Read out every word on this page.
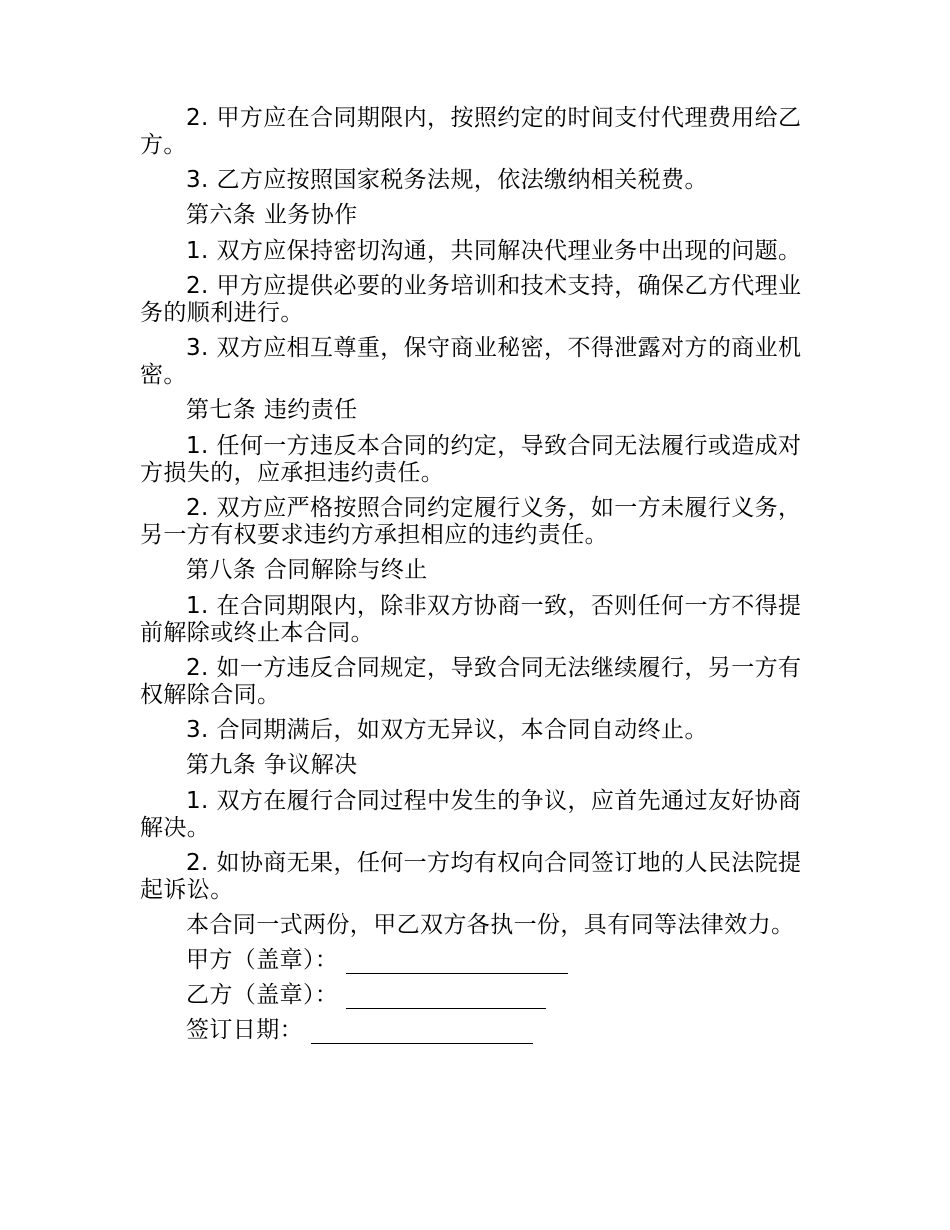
2. 甲方应在合同期限内，按照约定的时间支付代理费用给乙方。

3. 乙方应按照国家税务法规，依法缴纳相关税费。

第六条 业务协作

1. 双方应保持密切沟通，共同解决代理业务中出现的问题。

2. 甲方应提供必要的业务培训和技术支持，确保乙方代理业务的顺利进行。

3. 双方应相互尊重，保守商业秘密，不得泄露对方的商业机密。

第七条 违约责任

1. 任何一方违反本合同的约定，导致合同无法履行或造成对方损失的，应承担违约责任。

2. 双方应严格按照合同约定履行义务，如一方未履行义务，另一方有权要求违约方承担相应的违约责任。

第八条 合同解除与终止

1. 在合同期限内，除非双方协商一致，否则任何一方不得提前解除或终止本合同。

2. 如一方违反合同规定，导致合同无法继续履行，另一方有权解除合同。

3. 合同期满后，如双方无异议，本合同自动终止。

第九条 争议解决

1. 双方在履行合同过程中发生的争议，应首先通过友好协商解决。

2. 如协商无果，任何一方均有权向合同签订地的人民法院提起诉讼。

本合同一式两份，甲乙双方各执一份，具有同等法律效力。

甲方（盖章）：

乙方（盖章）：

签订日期：
